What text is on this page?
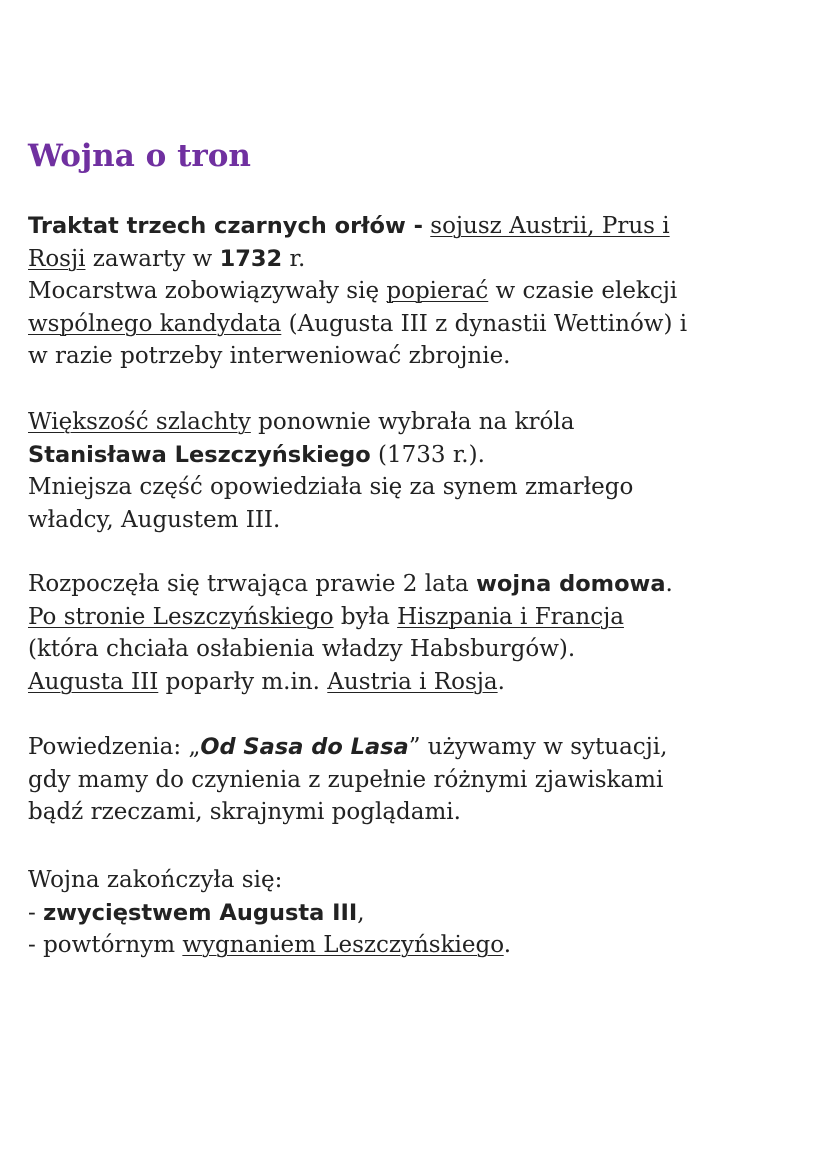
Wojna o tron
Traktat trzech czarnych orłów - sojusz Austrii, Prus i
Rosji zawarty w 1732 r.
Mocarstwa zobowiązywały się popierać w czasie elekcji
wspólnego kandydata (Augusta III z dynastii Wettinów) i
w razie potrzeby interweniować zbrojnie.
Większość szlachty ponownie wybrała na króla
Stanisława Leszczyńskiego (1733 r.).
Mniejsza część opowiedziała się za synem zmarłego
władcy, Augustem III.
Rozpoczęła się trwająca prawie 2 lata wojna domowa.
Po stronie Leszczyńskiego była Hiszpania i Francja
(która chciała osłabienia władzy Habsburgów).
Augusta III poparły m.in. Austria i Rosja.
Powiedzenia: „Od Sasa do Lasa” używamy w sytuacji,
gdy mamy do czynienia z zupełnie różnymi zjawiskami
bądź rzeczami, skrajnymi poglądami.
Wojna zakończyła się:
- zwycięstwem Augusta III,
- powtórnym wygnaniem Leszczyńskiego.
